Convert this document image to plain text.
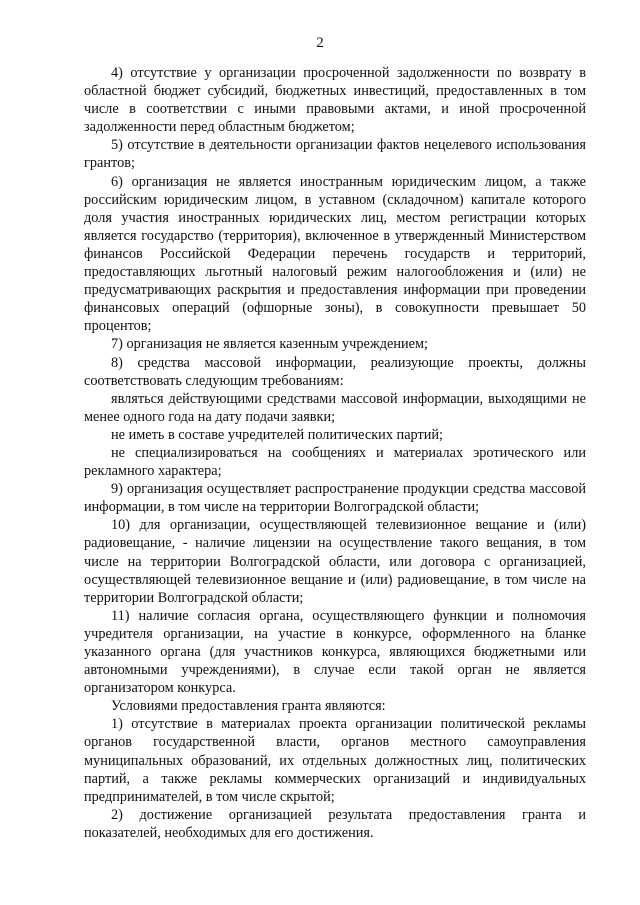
2

4) отсутствие у организации просроченной задолженности по возврату в областной бюджет субсидий, бюджетных инвестиций, предоставленных в том числе в соответствии с иными правовыми актами, и иной просроченной задолженности перед областным бюджетом;

5) отсутствие в деятельности организации фактов нецелевого использования грантов;

6) организация не является иностранным юридическим лицом, а также российским юридическим лицом, в уставном (складочном) капитале которого доля участия иностранных юридических лиц, местом регистрации которых является государство (территория), включенное в утвержденный Министерством финансов Российской Федерации перечень государств и территорий, предоставляющих льготный налоговый режим налогообложения и (или) не предусматривающих раскрытия и предоставления информации при проведении финансовых операций (офшорные зоны), в совокупности превышает 50 процентов;

7) организация не является казенным учреждением;

8) средства массовой информации, реализующие проекты, должны соответствовать следующим требованиям:

являться действующими средствами массовой информации, выходящими не менее одного года на дату подачи заявки;

не иметь в составе учредителей политических партий;

не специализироваться на сообщениях и материалах эротического или рекламного характера;

9) организация осуществляет распространение продукции средства массовой информации, в том числе на территории Волгоградской области;

10) для организации, осуществляющей телевизионное вещание и (или) радиовещание, - наличие лицензии на осуществление такого вещания, в том числе на территории Волгоградской области, или договора с организацией, осуществляющей телевизионное вещание и (или) радиовещание, в том числе на территории Волгоградской области;

11) наличие согласия органа, осуществляющего функции и полномочия учредителя организации, на участие в конкурсе, оформленного на бланке указанного органа (для участников конкурса, являющихся бюджетными или автономными учреждениями), в случае если такой орган не является организатором конкурса.

Условиями предоставления гранта являются:

1) отсутствие в материалах проекта организации политической рекламы органов государственной власти, органов местного самоуправления муниципальных образований, их отдельных должностных лиц, политических партий, а также рекламы коммерческих организаций и индивидуальных предпринимателей, в том числе скрытой;

2) достижение организацией результата предоставления гранта и показателей, необходимых для его достижения.
